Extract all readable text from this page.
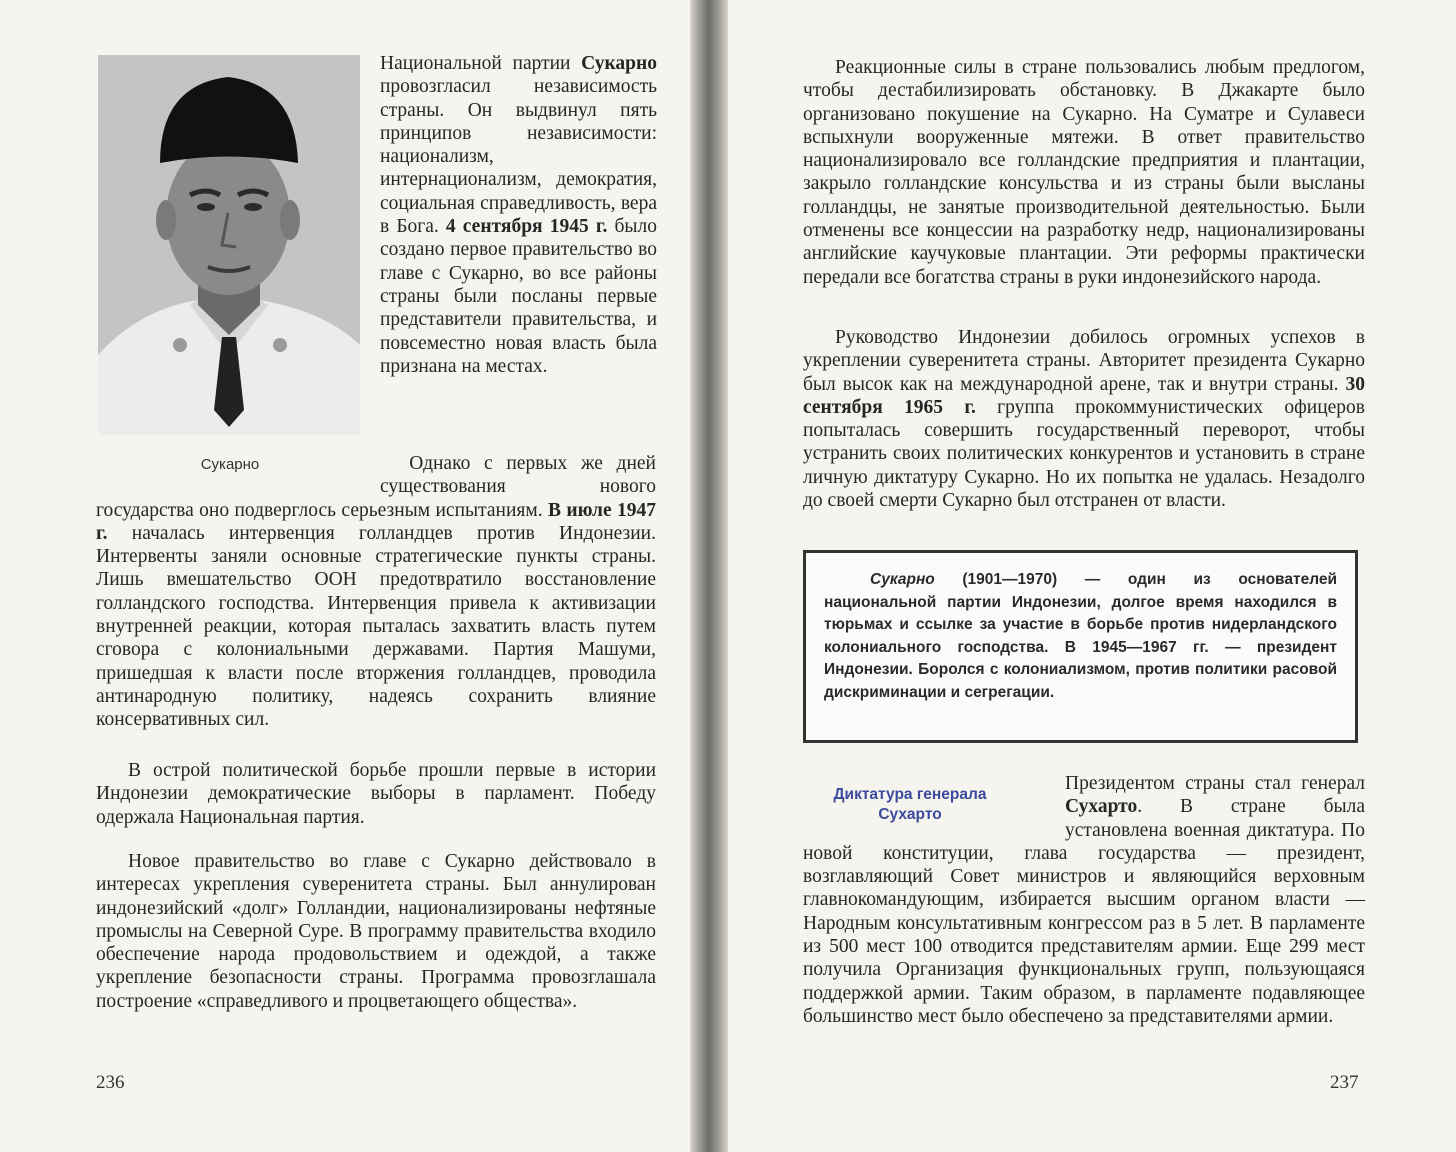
Сукарно

Национальной партии Сукарно провозгласил независимость страны. Он выдвинул пять принципов независимости: национализм, интернационализм, демократия, социальная справедливость, вера в Бога. 4 сентября 1945 г. было создано первое правительство во главе с Сукарно, во все районы страны были посланы первые представители правительства, и повсеместно новая власть была признана на местах.

  Однако с первых же дней существования нового государства оно подверглось серьезным испытаниям. В июле 1947 г. началась интервенция голландцев против Индонезии. Интервенты заняли основные стратегические пункты страны. Лишь вмешательство ООН предотвратило восстановление голландского господства. Интервенция привела к активизации внутренней реакции, которая пыталась захватить власть путем сговора с колониальными державами. Партия Машуми, пришедшая к власти после вторжения голландцев, проводила антинародную политику, надеясь сохранить влияние консервативных сил.

В острой политической борьбе прошли первые в истории Индонезии демократические выборы в парламент. Победу одержала Национальная партия.

Новое правительство во главе с Сукарно действовало в интересах укрепления суверенитета страны. Был аннулирован индонезийский «долг» Голландии, национализированы нефтяные промыслы на Северной Суре. В программу правительства входило обеспечение народа продовольствием и одеждой, а также укрепление безопасности страны. Программа провозглашала построение «справедливого и процветающего общества».

236

Реакционные силы в стране пользовались любым предлогом, чтобы дестабилизировать обстановку. В Джакарте было организовано покушение на Сукарно. На Суматре и Сулавеси вспыхнули вооруженные мятежи. В ответ правительство национализировало все голландские предприятия и плантации, закрыло голландские консульства и из страны были высланы голландцы, не занятые производительной деятельностью. Были отменены все концессии на разработку недр, национализированы английские каучуковые плантации. Эти реформы практически передали все богатства страны в руки индонезийского народа.

Руководство Индонезии добилось огромных успехов в укреплении суверенитета страны. Авторитет президента Сукарно был высок как на международной арене, так и внутри страны. 30 сентября 1965 г. группа прокоммунистических офицеров попыталась совершить государственный переворот, чтобы устранить своих политических конкурентов и установить в стране личную диктатуру Сукарно. Но их попытка не удалась. Незадолго до своей смерти Сукарно был отстранен от власти.

Сукарно (1901—1970) — один из основателей национальной партии Индонезии, долгое время находился в тюрьмах и ссылке за участие в борьбе против нидерландского колониального господства. В 1945—1967 гг. — президент Индонезии. Боролся с колониализмом, против политики расовой дискриминации и сегрегации.

Диктатура генерала Сухарто

Президентом страны стал генерал Сухарто. В стране была установлена военная диктатура. По новой конституции, глава государства — президент, возглавляющий Совет министров и являющийся верховным главнокомандующим, избирается высшим органом власти — Народным консультативным конгрессом раз в 5 лет. В парламенте из 500 мест 100 отводится представителям армии. Еще 299 мест получила Организация функциональных групп, пользующаяся поддержкой армии. Таким образом, в парламенте подавляющее большинство мест было обеспечено за представителями армии.

237
